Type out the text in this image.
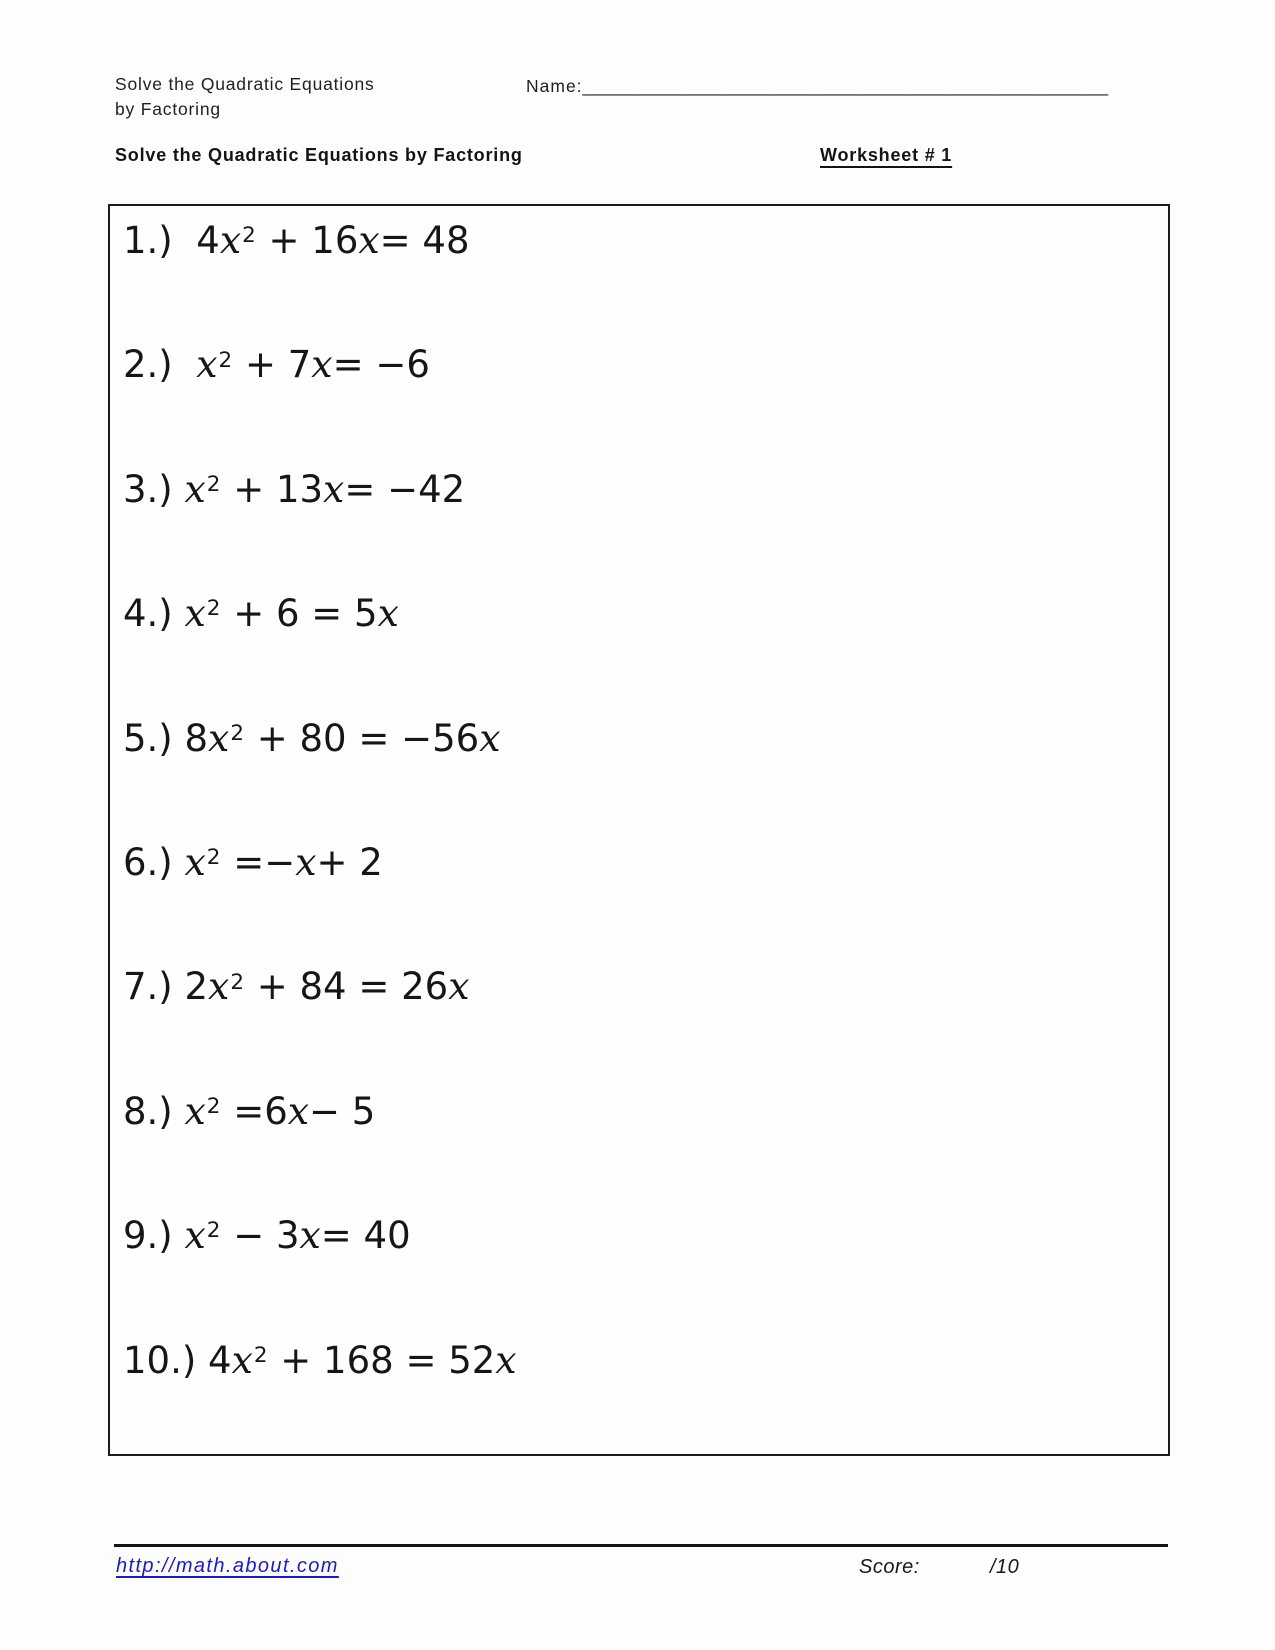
Solve the Quadratic Equations
by Factoring
Name:______________________________________________________
Solve the Quadratic Equations by Factoring	Worksheet # 1
1.)  $4x^2 + 16x= 48$
2.)  $x^2 + 7x= -6$
3.) $x^2 + 13x= -42$
4.) $x^2 + 6 = 5x$
5.) $8x^2 + 80 = -56x$
6.) $x^2 =-x+ 2$
7.) $2x^2 + 84 = 26x$
8.) $x^2 =6x- 5$
9.) $x^2 - 3x= 40$
10.) $4x^2 + 168 = 52x$
http://math.about.com	Score:	/10
